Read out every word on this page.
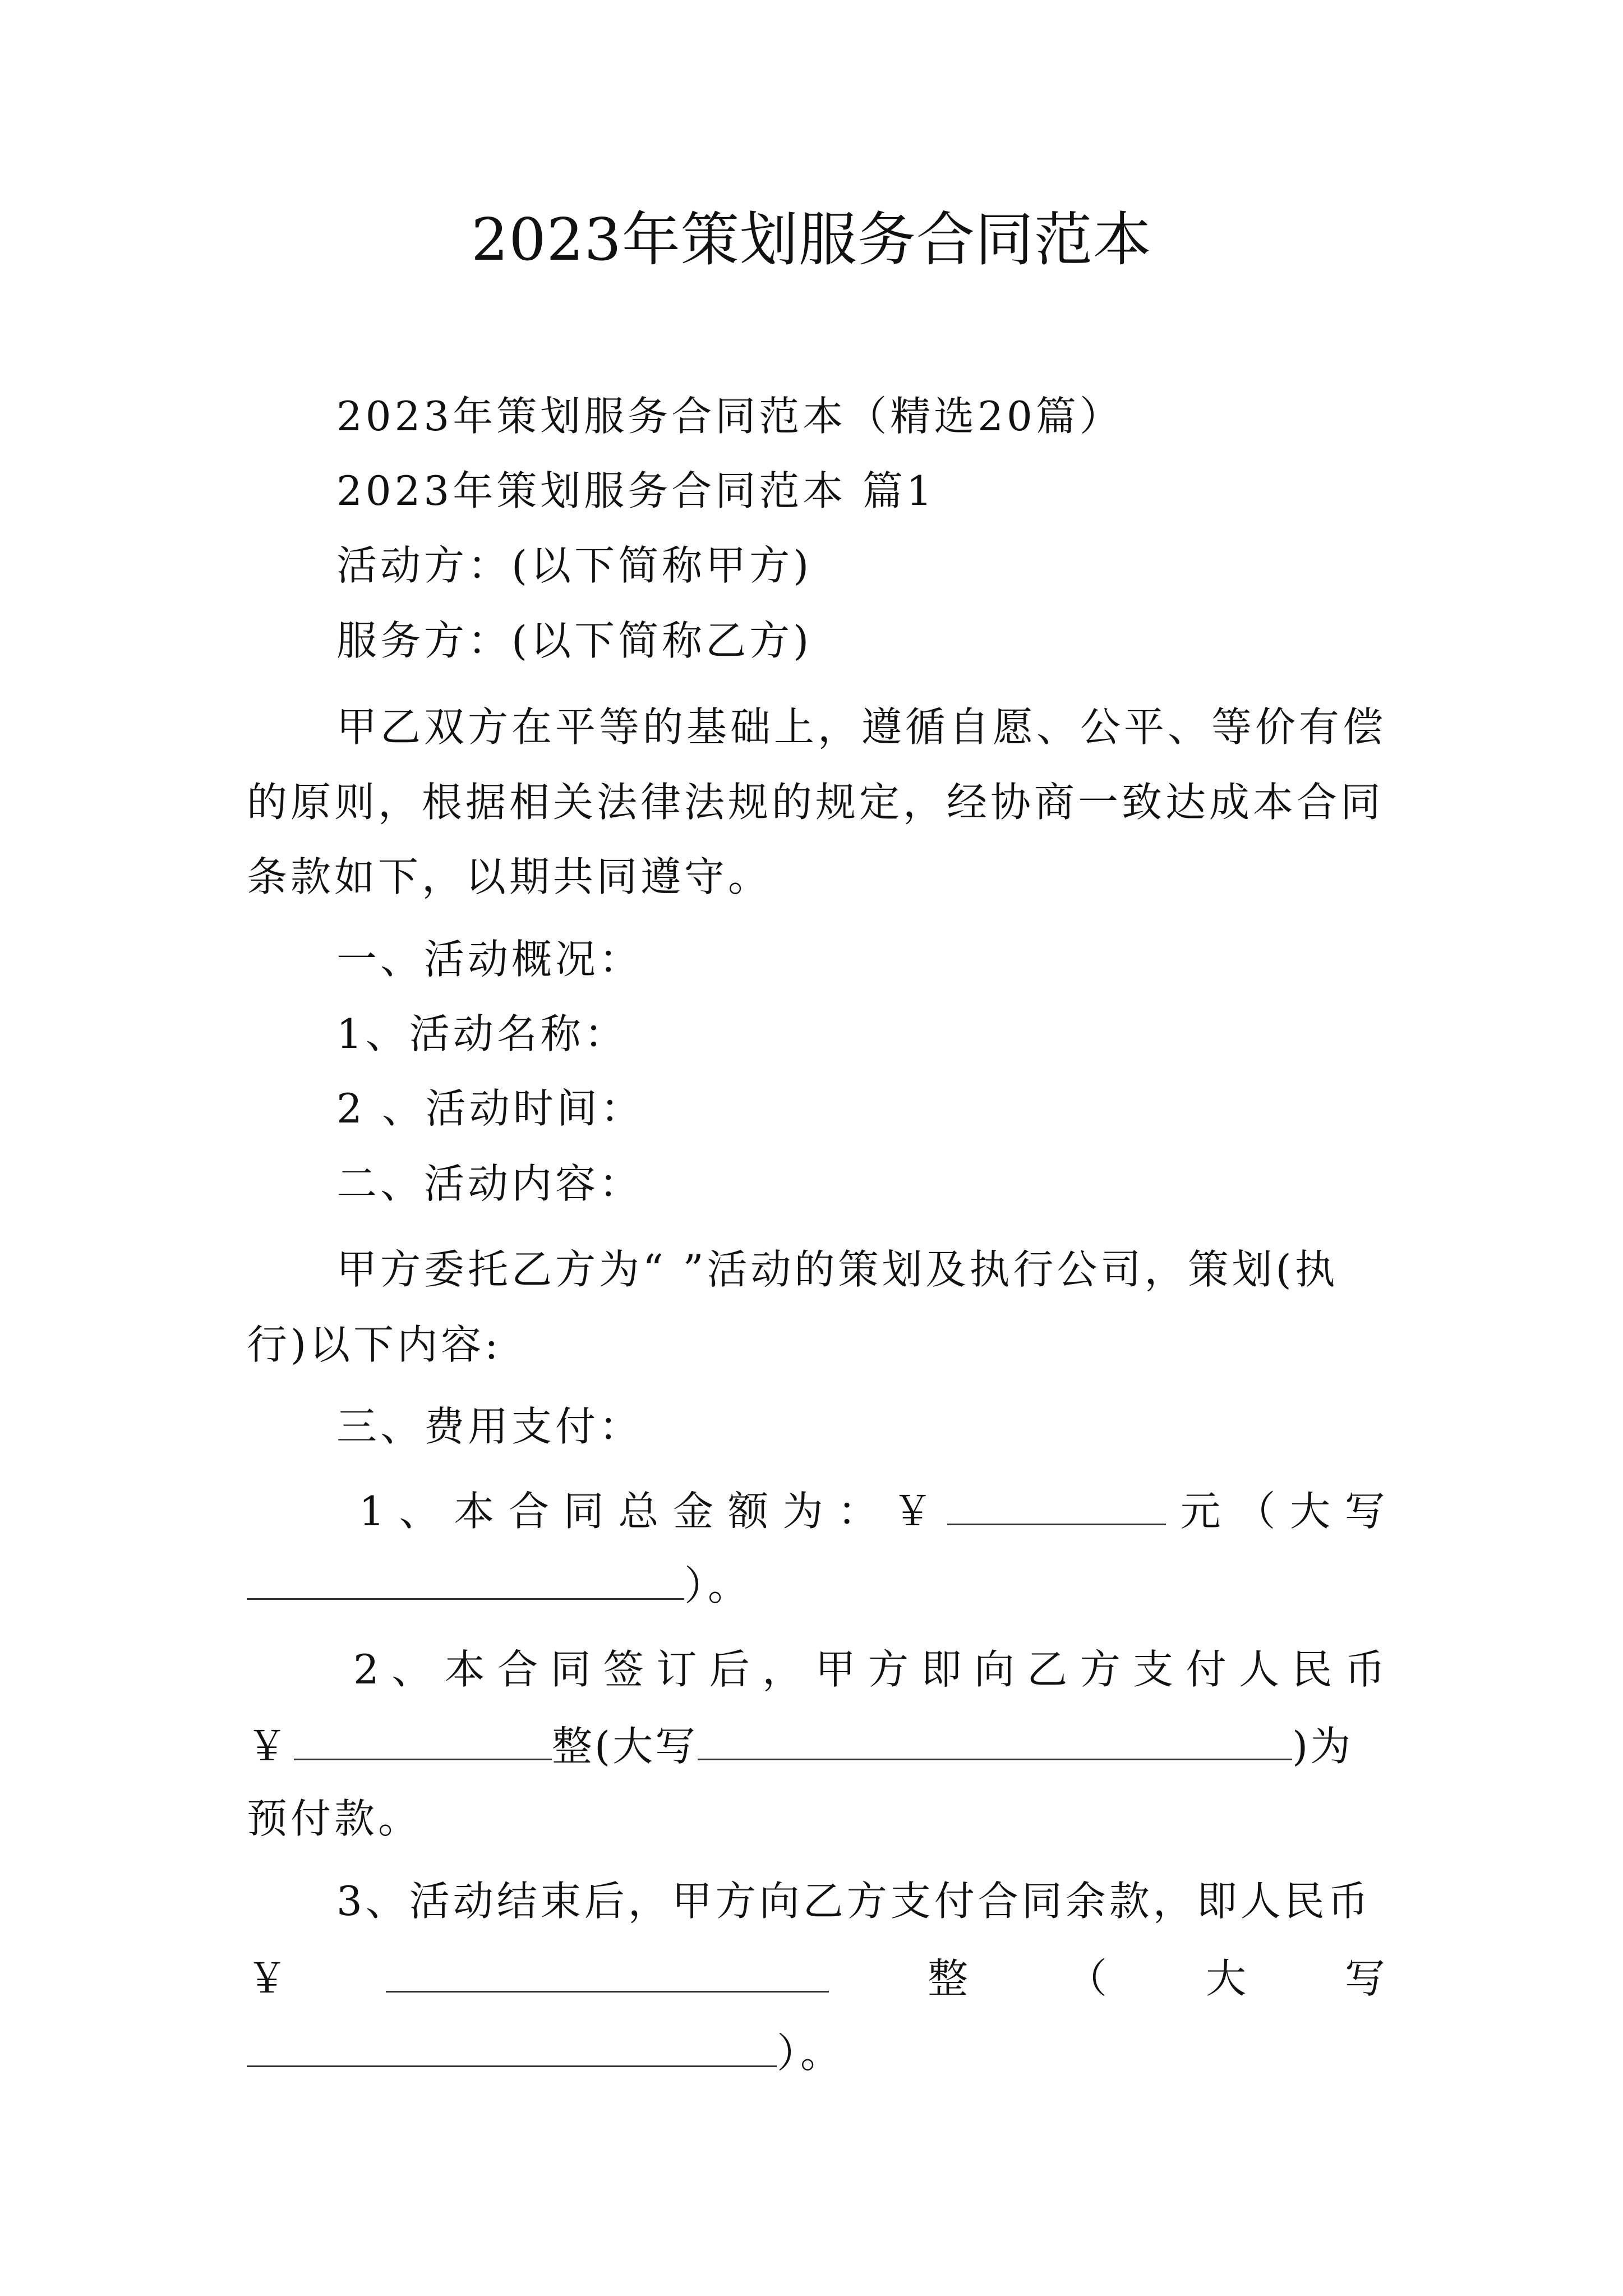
2023年策划服务合同范本
2023年策划服务合同范本（精选20篇）
2023年策划服务合同范本 篇1
活动方：(以下简称甲方)
服务方：(以下简称乙方)
甲乙双方在平等的基础上，遵循自愿、公平、等价有偿
的原则，根据相关法律法规的规定，经协商一致达成本合同
条款如下，以期共同遵守。
一、活动概况：
1、活动名称：
2 、活动时间：
二、活动内容：
甲方委托乙方为“ ”活动的策划及执行公司，策划(执
行)以下内容:
三、费用支付：
1 、 本 合 同 总 金 额 为 ： ￥	元 （ 大 写
）。
2 、 本 合 同 签 订 后 ， 甲 方 即 向 乙 方 支 付 人 民 币
￥	整(大写	)为
预付款。
3、活动结束后，甲方向乙方支付合同余款，即人民币
￥	整 （ 大 写
）。
